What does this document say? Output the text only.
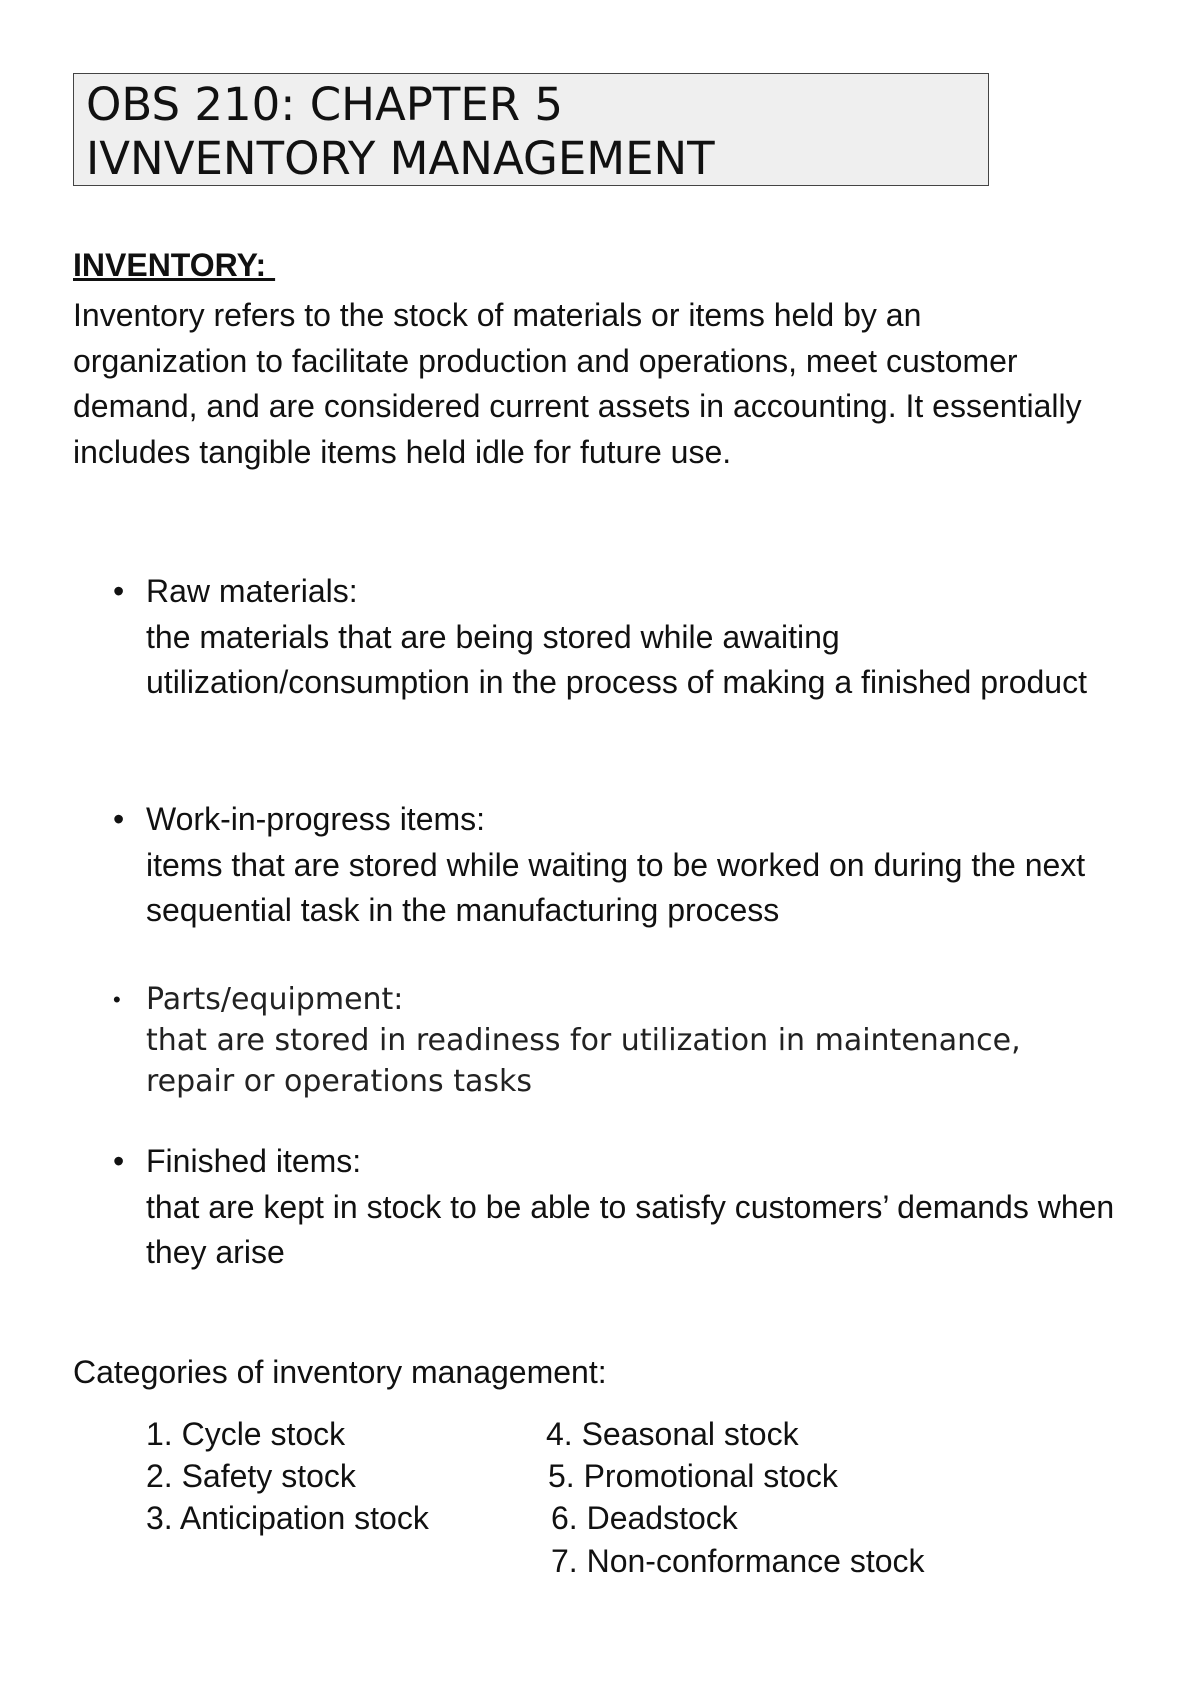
OBS 210: CHAPTER 5
IVNVENTORY MANAGEMENT
INVENTORY:

Inventory refers to the stock of materials or items held by an organization to facilitate production and operations, meet customer demand, and are considered current assets in accounting. It essentially includes tangible items held idle for future use.

• Raw materials:

the materials that are being stored while awaiting utilization/consumption in the process of making a finished product

• Work-in-progress items:

items that are stored while waiting to be worked on during the next sequential task in the manufacturing process

• Parts/equipment:

that are stored in readiness for utilization in maintenance, repair or operations tasks

• Finished items:

that are kept in stock to be able to satisfy customers’ demands when they arise

Categories of inventory management:
1. Cycle stock
2. Safety stock
3. Anticipation stock
4. Seasonal stock
5. Promotional stock
6. Deadstock
7. Non-conformance stock
